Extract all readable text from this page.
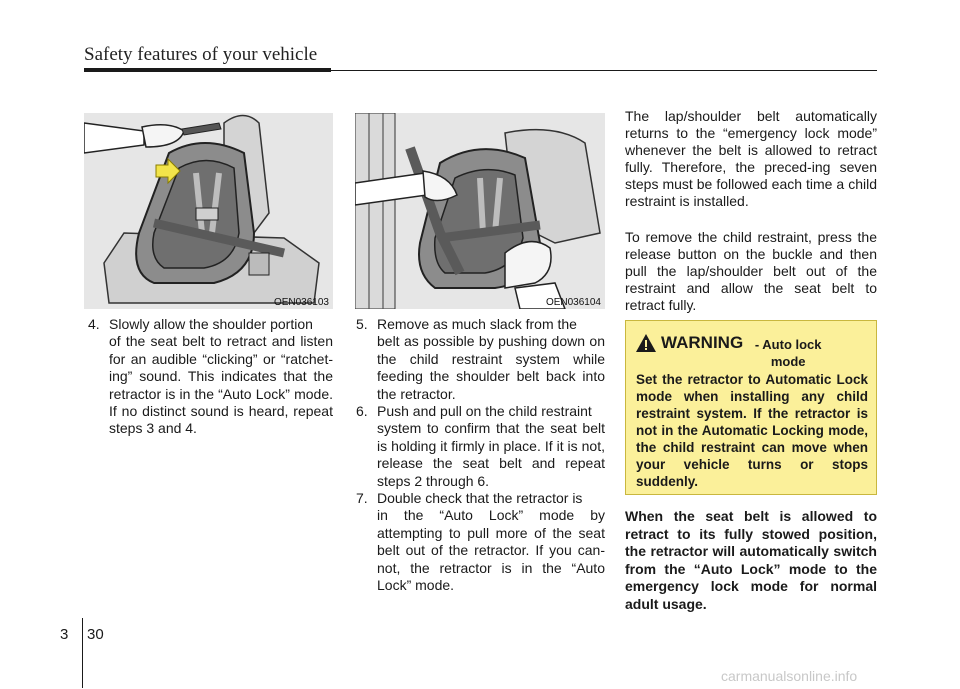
Safety features of your vehicle
OEN036103	OEN036104
4. Slowly allow the shoulder portion
of the seat belt to retract and listen for an audible “clicking” or “ratchet-ing” sound. This indicates that the retractor is in the “Auto Lock” mode. If no distinct sound is heard, repeat steps 3 and 4.
5. Remove as much slack from the
belt as possible by pushing down on the child restraint system while feeding the shoulder belt back into the retractor.
6. Push and pull on the child restraint
system to confirm that the seat belt is holding it firmly in place. If it is not, release the seat belt and repeat steps 2 through 6.
7. Double check that the retractor is
in the “Auto Lock” mode by attempting to pull more of the seat belt out of the retractor. If you can-not, the retractor is in the “Auto Lock” mode.
The lap/shoulder belt automatically returns to the “emergency lock mode” whenever the belt is allowed to retract fully. Therefore, the preced-ing seven steps must be followed each time a child restraint is installed.
To remove the child restraint, press the release button on the buckle and then pull the lap/shoulder belt out of the restraint and allow the seat belt to retract fully.
WARNING - Auto lock mode
Set the retractor to Automatic Lock mode when installing any child restraint system. If the retractor is not in the Automatic Locking mode, the child restraint can move when your vehicle turns or stops suddenly.
When the seat belt is allowed to retract to its fully stowed position, the retractor will automatically switch from the “Auto Lock” mode to the emergency lock mode for normal adult usage.
3 30
carmanualsonline.info
